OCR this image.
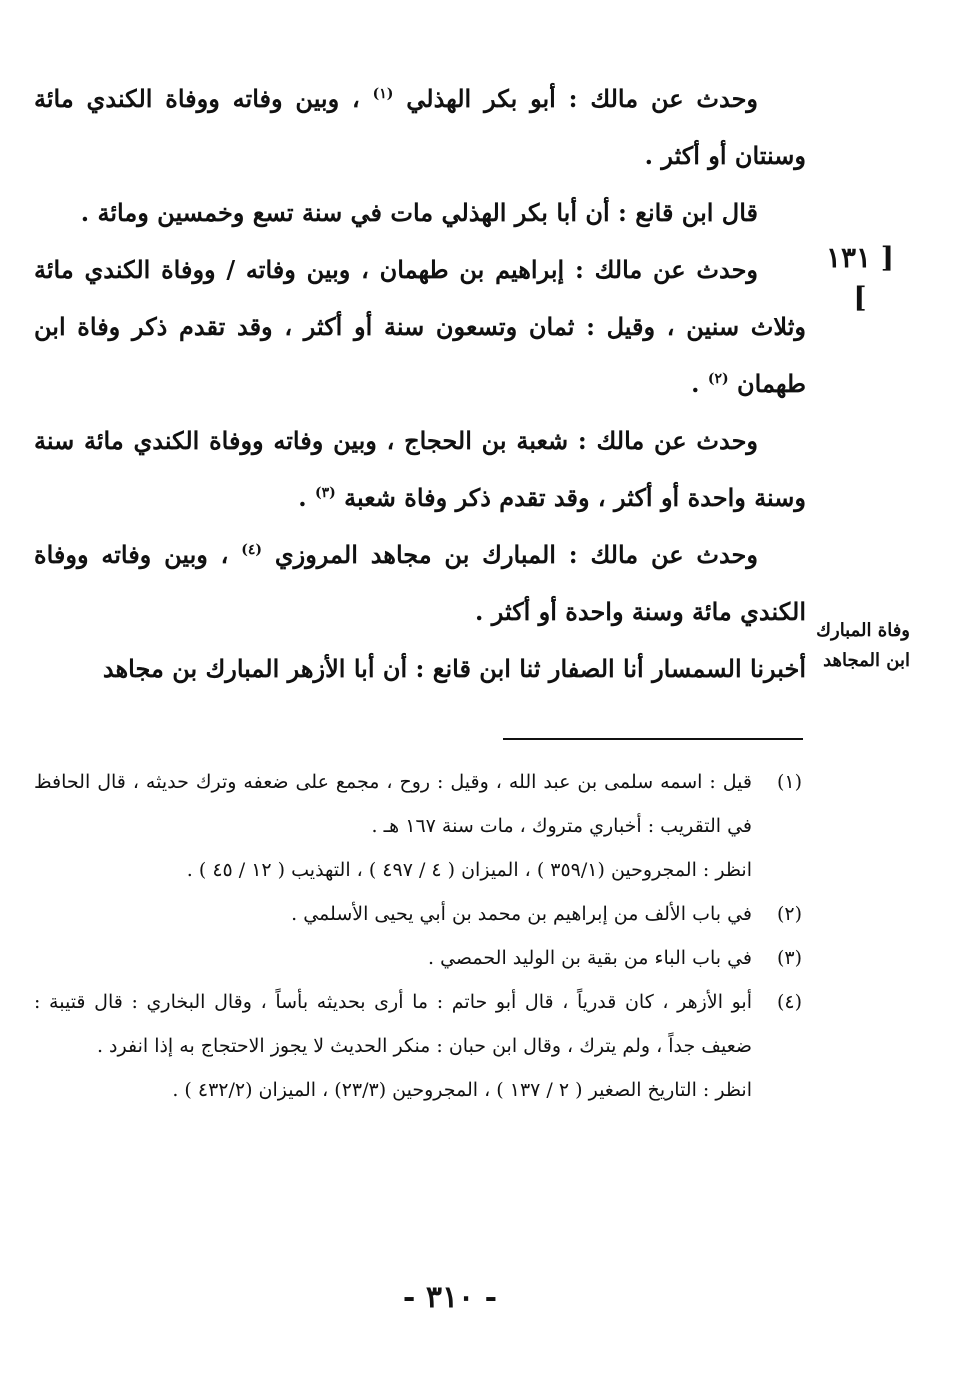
وحدث عن مالك : أبو بكر الهذلي $^{(١)}$ ، وبين وفاته ووفاة الكندي مائة وسنتان أو أكثر .

قال ابن قانع : أن أبا بكر الهذلي مات في سنة تسع وخمسين ومائة .

وحدث عن مالك : إبراهيم بن طهمان ، وبين وفاته / ووفاة الكندي مائة وثلاث سنين ، وقيل : ثمان وتسعون سنة أو أكثر ، وقد تقدم ذكر وفاة ابن طهمان $^{(٢)}$ .

وحدث عن مالك : شعبة بن الحجاج ، وبين وفاته ووفاة الكندي مائة سنة وسنة واحدة أو أكثر ، وقد تقدم ذكر وفاة شعبة $^{(٣)}$ .

وحدث عن مالك : المبارك بن مجاهد المروزي $^{(٤)}$ ، وبين وفاته ووفاة الكندي مائة وسنة واحدة أو أكثر .

أخبرنا السمسار أنا الصفار ثنا ابن قانع : أن أبا الأزهر المبارك بن مجاهد

[ ١٣١ ]
وفاة المبارك ابن المجاهد
(١)

قيل : اسمه سلمى بن عبد الله ، وقيل : روح ، مجمع على ضعفه وترك حديثه ، قال الحافظ في التقريب : أخباري متروك ، مات سنة ١٦٧ هـ .

انظر : المجروحين (٣٥٩/١ ) ، الميزان ( ٤ / ٤٩٧ ) ، التهذيب ( ١٢ / ٤٥ ) .

(٢)

في باب الألف من إبراهيم بن محمد بن أبي يحيى الأسلمي .

(٣)

في باب الباء من بقية بن الوليد الحمصي .

(٤)

أبو الأزهر ، كان قدرياً ، قال أبو حاتم : ما أرى بحديثه بأساً ، وقال البخاري : قال قتيبة : ضعيف جداً ، ولم يترك ، وقال ابن حبان : منكر الحديث لا يجوز الاحتجاج به إذا انفرد .

انظر : التاريخ الصغير ( ٢ / ١٣٧ ) ، المجروحين (٢٣/٣) ، الميزان (٤٣٢/٢ ) .

- ٣١٠ -
